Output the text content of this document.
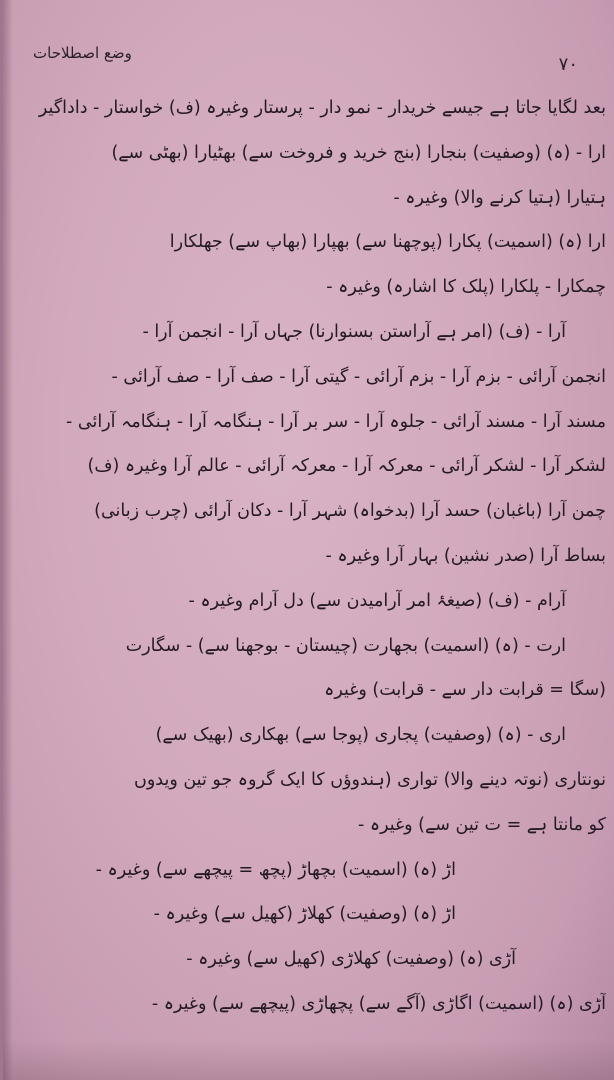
وضع اصطلاحات
۷۰
بعد لگایا جاتا ہے جیسے خریدار - نمو دار - پرستار وغیرہ (ف) خواستار - داداگیر
ارا - (ہ) (وصفیت) بنجارا (بنج خرید و فروخت سے) بھٹیارا (بھٹی سے)
ہتیارا (ہتیا کرنے والا) وغیرہ -
ارا (ہ) (اسمیت) پکارا (پوچھنا سے) بھپارا (بھاپ سے) جھلکارا
چمکارا - پلکارا (پلک کا اشارہ) وغیرہ -
آرا - (ف) (امر ہے آراستن بسنوارنا) جہاں آرا - انجمن آرا -
انجمن آرائی - بزم آرا - بزم آرائی - گیتی آرا - صف آرا - صف آرائی -
مسند آرا - مسند آرائی - جلوہ آرا - سر بر آرا - ہنگامہ آرا - ہنگامہ آرائی -
لشکر آرا - لشکر آرائی - معرکہ آرا - معرکہ آرائی - عالم آرا وغیرہ (ف)
چمن آرا (باغبان) حسد آرا (بدخواہ) شہر آرا - دکان آرائی (چرب زبانی)
بساط آرا (صدر نشین) بہار آرا وغیرہ -
آرام - (ف) (صیغۂ امر آرامیدن سے) دل آرام وغیرہ -
ارت - (ہ) (اسمیت) بجھارت (چیستان - بوجھنا سے) - سگارت
(سگا = قرابت دار سے - قرابت) وغیرہ
اری - (ہ) (وصفیت) پجاری (پوجا سے) بھکاری (بھیک سے)
نونتاری (نوتہ دینے والا) تواری (ہندوؤں کا ایک گروہ جو تین ویدوں
کو مانتا ہے = ت تین سے) وغیرہ -
اڑ (ہ) (اسمیت) بچھاڑ (پچھ = پیچھے سے) وغیرہ -
اڑ (ہ) (وصفیت) کھلاڑ (کھیل سے) وغیرہ -
آڑی (ہ) (وصفیت) کھلاڑی (کھیل سے) وغیرہ -
آڑی (ہ) (اسمیت) اگاڑی (آگے سے) پچھاڑی (پیچھے سے) وغیرہ -
